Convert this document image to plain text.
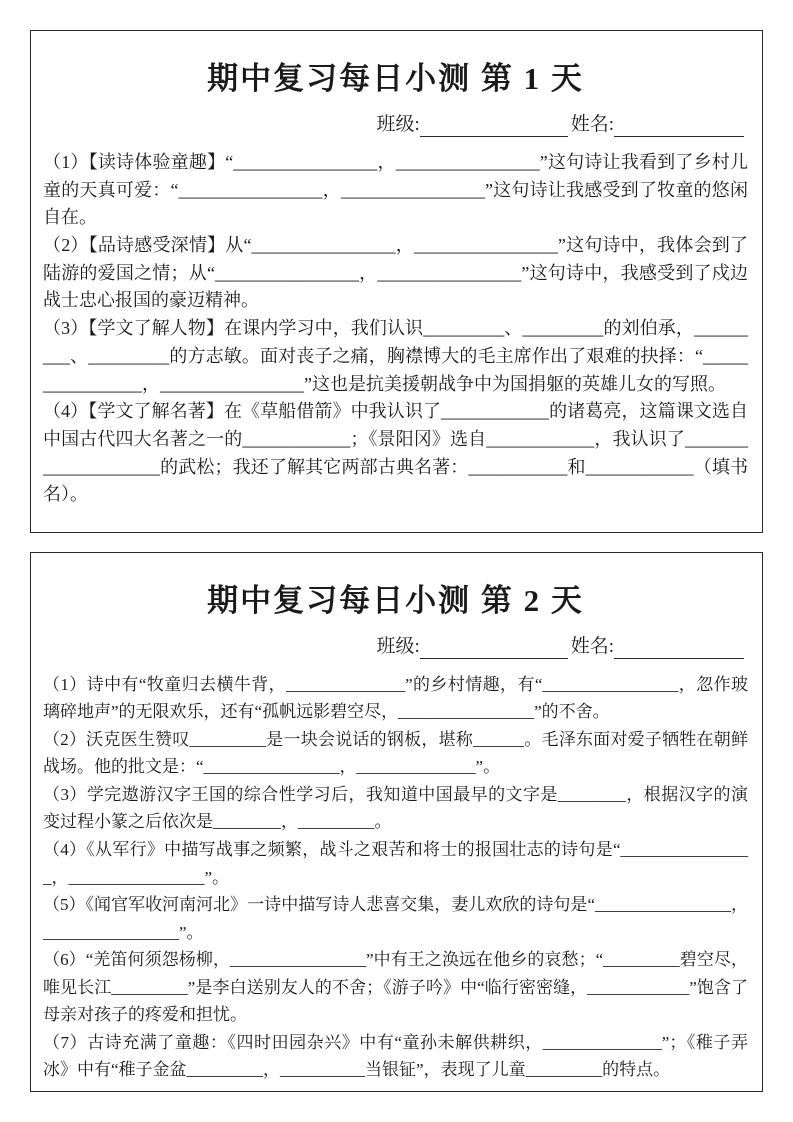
期中复习每日小测 第 1 天
班级:	姓名:

（1）【读诗体验童趣】“________________，________________”这句诗让我看到了乡村儿童的天真可爱：“________________，________________”这句诗让我感受到了牧童的悠闲自在。

（2）【品诗感受深情】从“________________，________________”这句诗中，我体会到了陆游的爱国之情；从“________________，________________”这句诗中，我感受到了戍边战士忠心报国的豪迈精神。

（3）【学文了解人物】在课内学习中，我们认识_________、_________的刘伯承，_________、_________的方志敏。面对丧子之痛，胸襟博大的毛主席作出了艰难的抉择：“________________，________________”这也是抗美援朝战争中为国捐躯的英雄儿女的写照。

（4）【学文了解名著】在《草船借箭》中我认识了____________的诸葛亮，这篇课文选自中国古代四大名著之一的____________；《景阳冈》选自____________，我认识了____________________的武松；我还了解其它两部古典名著：___________和____________（填书名）。

期中复习每日小测 第 2 天
班级:	姓名:

（1）诗中有“牧童归去横牛背，______________”的乡村情趣，有“________________，忽作玻璃碎地声”的无限欢乐，还有“孤帆远影碧空尽，________________”的不舍。

（2）沃克医生赞叹_________是一块会说话的钢板，堪称______。毛泽东面对爱子牺牲在朝鲜战场。他的批文是：“________________，______________”。

（3）学完遨游汉字王国的综合性学习后，我知道中国最早的文字是________，根据汉字的演变过程小篆之后依次是________，_________。

（4）《从军行》中描写战事之频繁，战斗之艰苦和将士的报国壮志的诗句是“________________，________________”。

（5）《闻官军收河南河北》一诗中描写诗人悲喜交集，妻儿欢欣的诗句是“________________，________________”。

（6）“羌笛何须怨杨柳，________________”中有王之涣远在他乡的哀愁；“_________碧空尽，唯见长江_________”是李白送别友人的不舍；《游子吟》中“临行密密缝，____________”饱含了母亲对孩子的疼爱和担忧。

（7）古诗充满了童趣：《四时田园杂兴》中有“童孙未解供耕织，______________”；《稚子弄冰》中有“稚子金盆_________，__________当银钲”，表现了儿童_________的特点。
